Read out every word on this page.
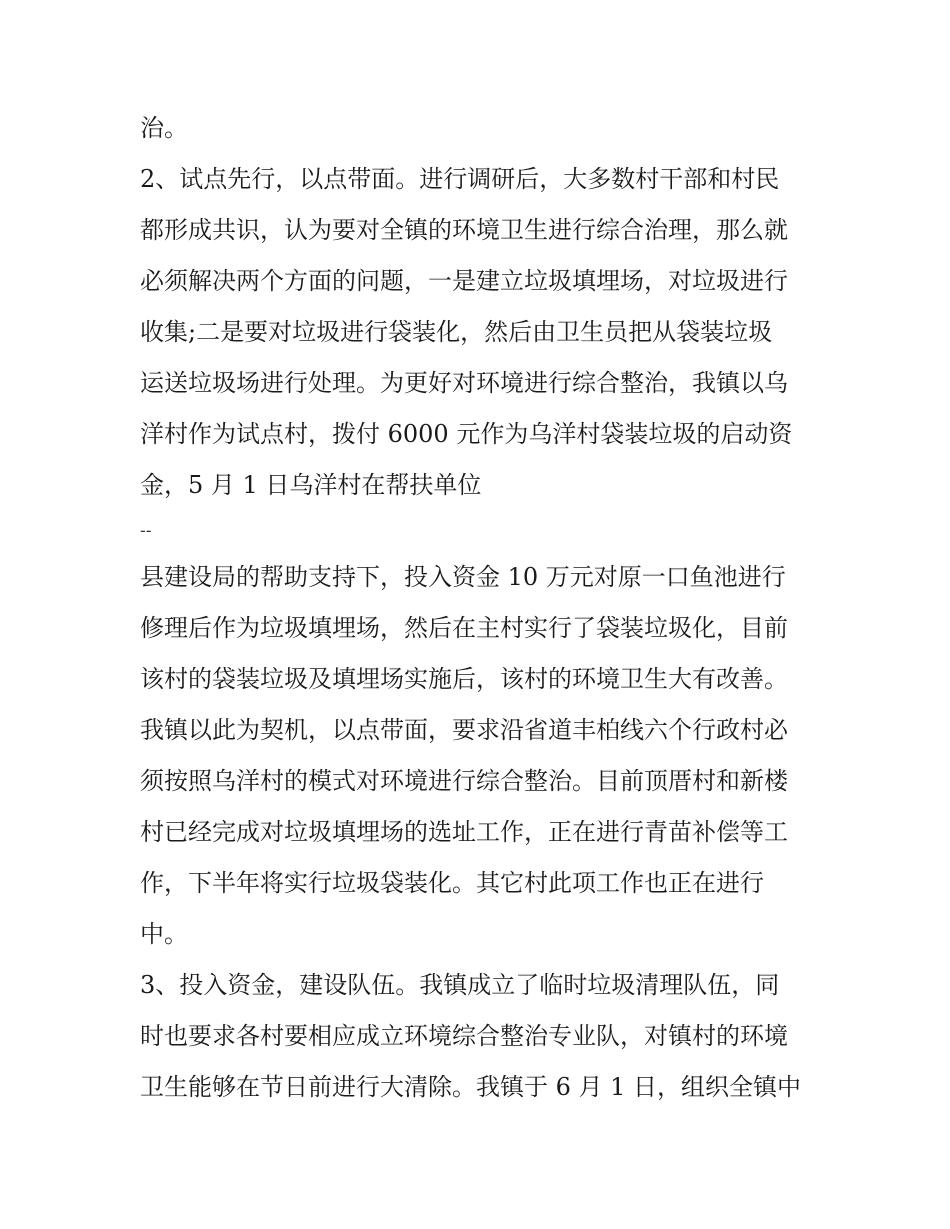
治。
2、试点先行，以点带面。进行调研后，大多数村干部和村民
都形成共识，认为要对全镇的环境卫生进行综合治理，那么就
必须解决两个方面的问题，一是建立垃圾填埋场，对垃圾进行
收集;二是要对垃圾进行袋装化，然后由卫生员把从袋装垃圾
运送垃圾场进行处理。为更好对环境进行综合整治，我镇以乌
洋村作为试点村，拨付 6000 元作为乌洋村袋装垃圾的启动资
金，5 月 1 日乌洋村在帮扶单位
--
县建设局的帮助支持下，投入资金 10 万元对原一口鱼池进行
修理后作为垃圾填埋场，然后在主村实行了袋装垃圾化，目前
该村的袋装垃圾及填埋场实施后，该村的环境卫生大有改善。
我镇以此为契机，以点带面，要求沿省道丰柏线六个行政村必
须按照乌洋村的模式对环境进行综合整治。目前顶厝村和新楼
村已经完成对垃圾填埋场的选址工作，正在进行青苗补偿等工
作，下半年将实行垃圾袋装化。其它村此项工作也正在进行
中。
3、投入资金，建设队伍。我镇成立了临时垃圾清理队伍，同
时也要求各村要相应成立环境综合整治专业队，对镇村的环境
卫生能够在节日前进行大清除。我镇于 6 月 1 日，组织全镇中
